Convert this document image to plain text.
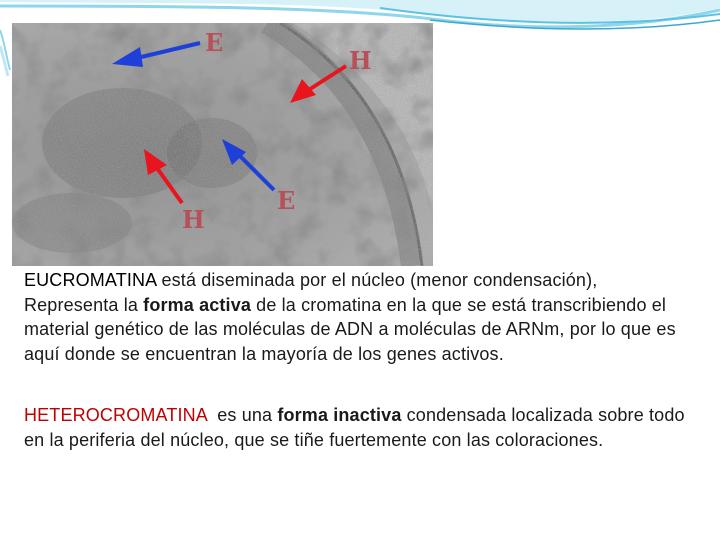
E
H
H
E
EUCROMATINA está diseminada por el núcleo (menor condensación),
Representa la forma activa de la cromatina en la que se está transcribiendo el material genético de las moléculas de ADN a moléculas de ARNm, por lo que es aquí donde se encuentran la mayoría de los genes activos.
HETEROCROMATINA  es una forma inactiva condensada localizada sobre todo en la periferia del núcleo, que se tiñe fuertemente con las coloraciones.
